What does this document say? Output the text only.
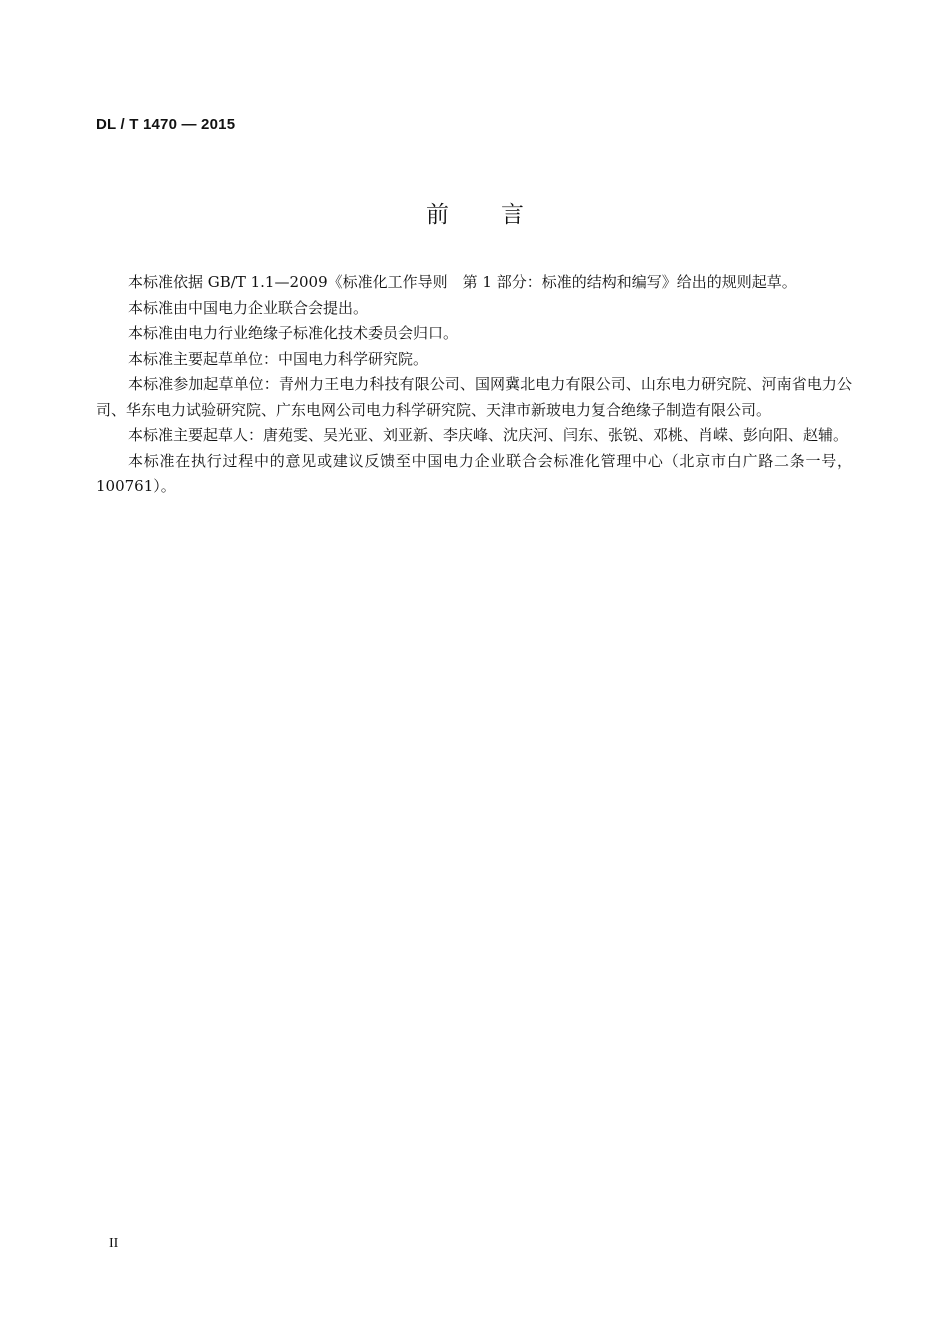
DL / T 1470 — 2015
前言

本标准依据 GB/T 1.1—2009《标准化工作导则　第 1 部分：标准的结构和编写》给出的规则起草。

本标准由中国电力企业联合会提出。

本标准由电力行业绝缘子标准化技术委员会归口。

本标准主要起草单位：中国电力科学研究院。

本标准参加起草单位：青州力王电力科技有限公司、国网冀北电力有限公司、山东电力研究院、河南省电力公司、华东电力试验研究院、广东电网公司电力科学研究院、天津市新玻电力复合绝缘子制造有限公司。

本标准主要起草人：唐苑雯、吴光亚、刘亚新、李庆峰、沈庆河、闫东、张锐、邓桃、肖嵘、彭向阳、赵辅。

本标准在执行过程中的意见或建议反馈至中国电力企业联合会标准化管理中心（北京市白广路二条一号，100761）。

II
